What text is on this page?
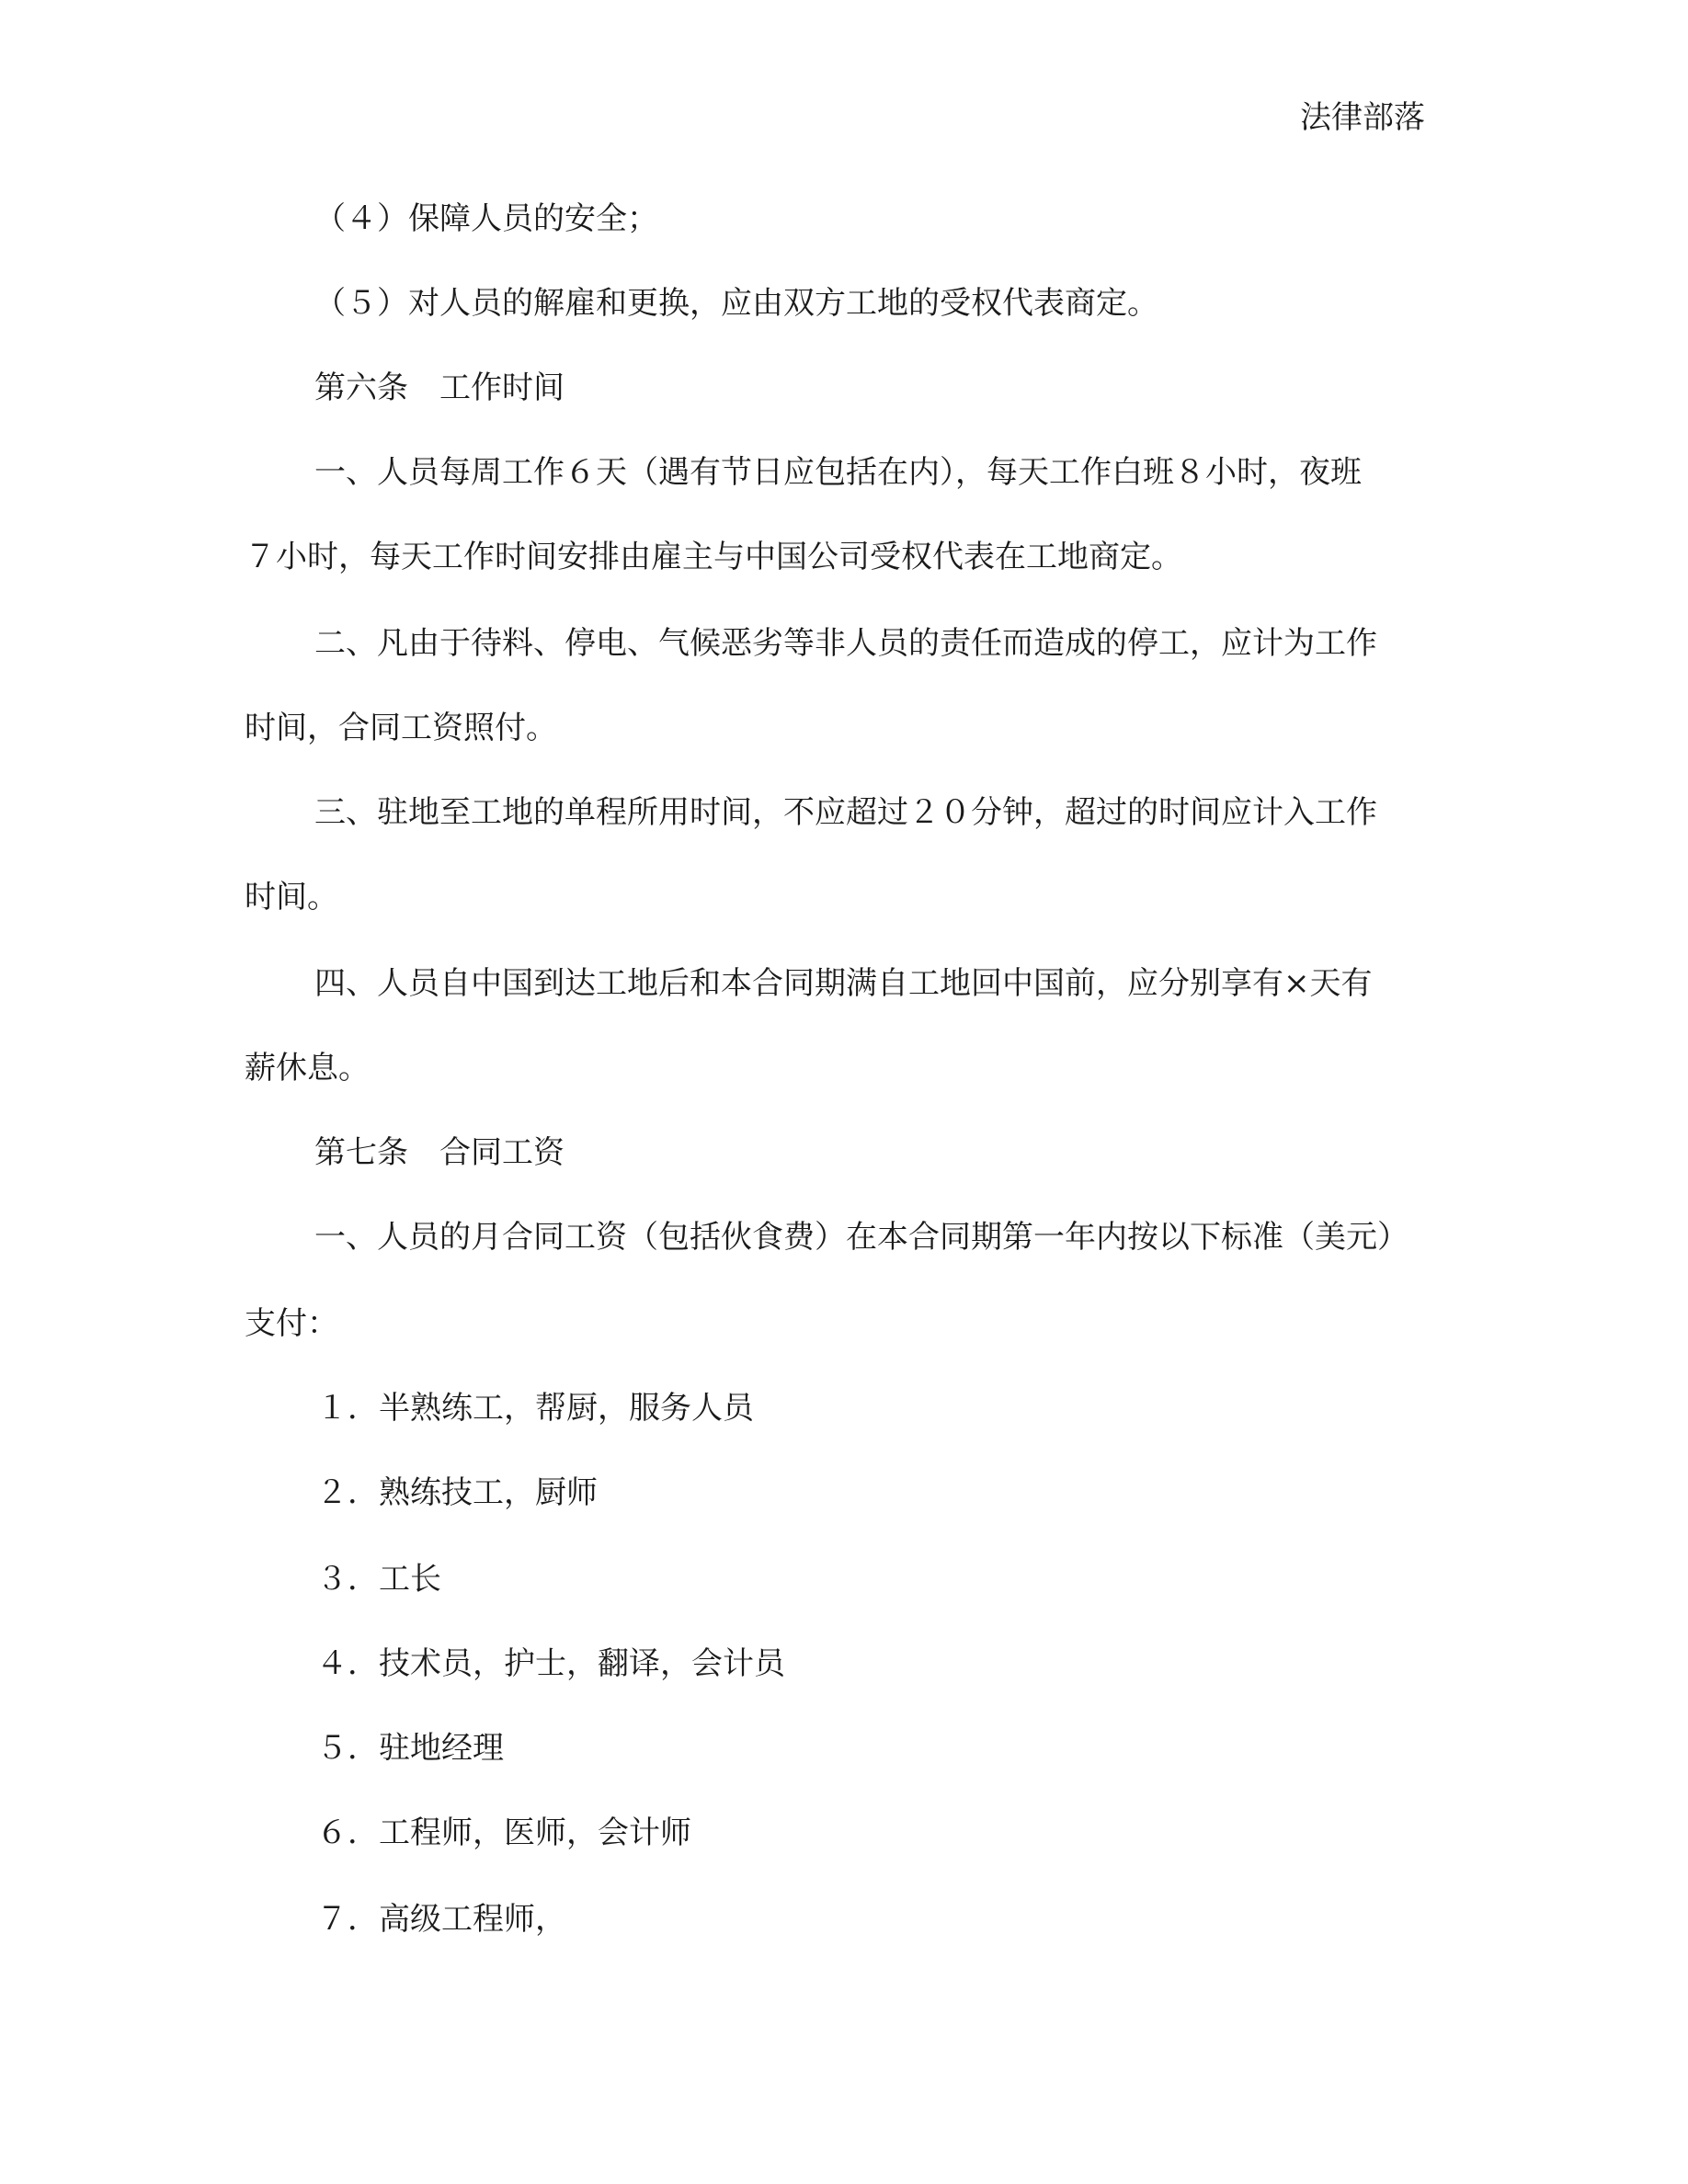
法律部落
（４）保障人员的安全；
（５）对人员的解雇和更换，应由双方工地的受权代表商定。
第六条　工作时间
一、人员每周工作６天（遇有节日应包括在内），每天工作白班８小时，夜班
７小时，每天工作时间安排由雇主与中国公司受权代表在工地商定。
二、凡由于待料、停电、气候恶劣等非人员的责任而造成的停工，应计为工作
时间，合同工资照付。
三、驻地至工地的单程所用时间，不应超过２０分钟，超过的时间应计入工作
时间。
四、人员自中国到达工地后和本合同期满自工地回中国前，应分别享有×天有
薪休息。
第七条　合同工资
一、人员的月合同工资（包括伙食费）在本合同期第一年内按以下标准（美元）
支付：
１．半熟练工，帮厨，服务人员
２．熟练技工，厨师
３．工长
４．技术员，护士，翻译，会计员
５．驻地经理
６．工程师，医师，会计师
７．高级工程师，
